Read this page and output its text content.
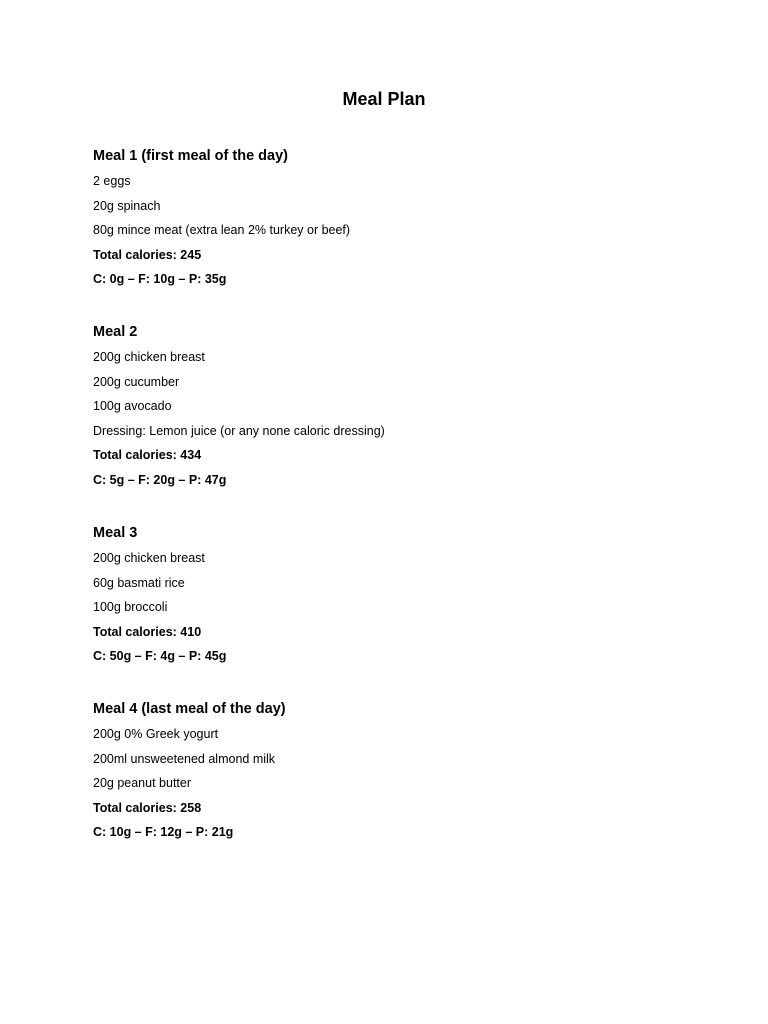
Meal Plan
Meal 1 (first meal of the day)
2 eggs
20g spinach
80g mince meat (extra lean 2% turkey or beef)
Total calories: 245
C: 0g – F: 10g – P: 35g
Meal 2
200g chicken breast
200g cucumber
100g avocado
Dressing: Lemon juice (or any none caloric dressing)
Total calories: 434
C: 5g – F: 20g – P: 47g
Meal 3
200g chicken breast
60g basmati rice
100g broccoli
Total calories: 410
C: 50g – F: 4g – P: 45g
Meal 4 (last meal of the day)
200g 0% Greek yogurt
200ml unsweetened almond milk
20g peanut butter
Total calories: 258
C: 10g – F: 12g – P: 21g
